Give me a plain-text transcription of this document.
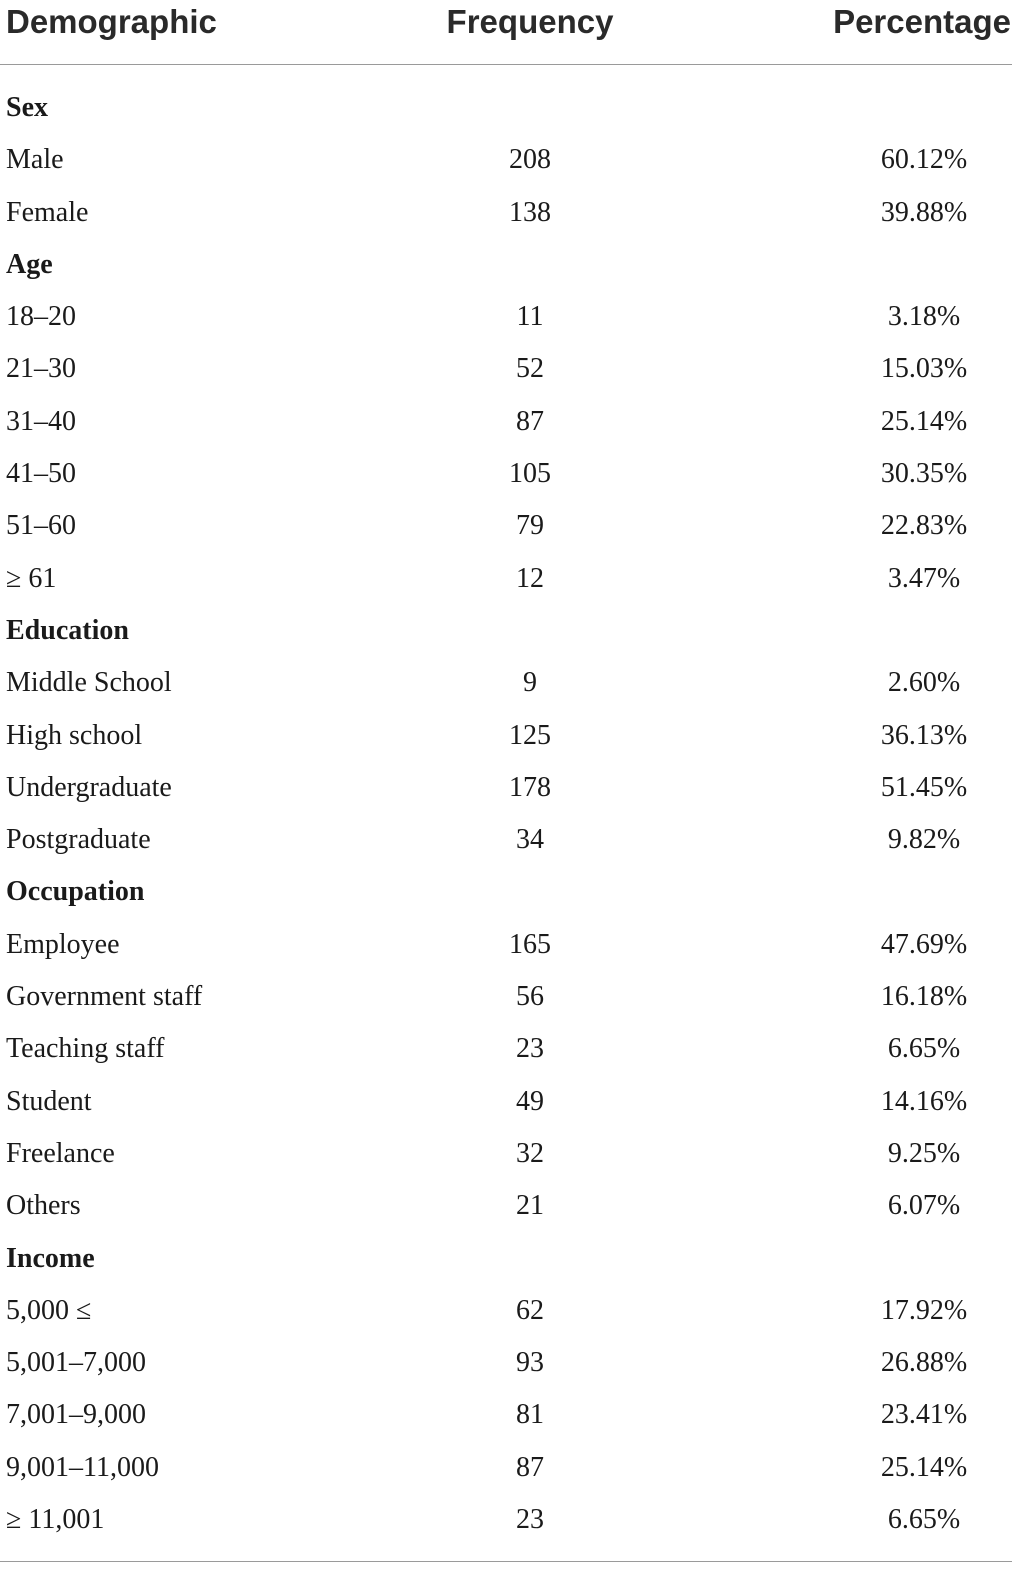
Demographic	Frequency	Percentage
Sex
Male	208	60.12%
Female	138	39.88%
Age
18–20	11	3.18%
21–30	52	15.03%
31–40	87	25.14%
41–50	105	30.35%
51–60	79	22.83%
≥ 61	12	3.47%
Education
Middle School	9	2.60%
High school	125	36.13%
Undergraduate	178	51.45%
Postgraduate	34	9.82%
Occupation
Employee	165	47.69%
Government staff	56	16.18%
Teaching staff	23	6.65%
Student	49	14.16%
Freelance	32	9.25%
Others	21	6.07%
Income
5,000 ≤	62	17.92%
5,001–7,000	93	26.88%
7,001–9,000	81	23.41%
9,001–11,000	87	25.14%
≥ 11,001	23	6.65%
